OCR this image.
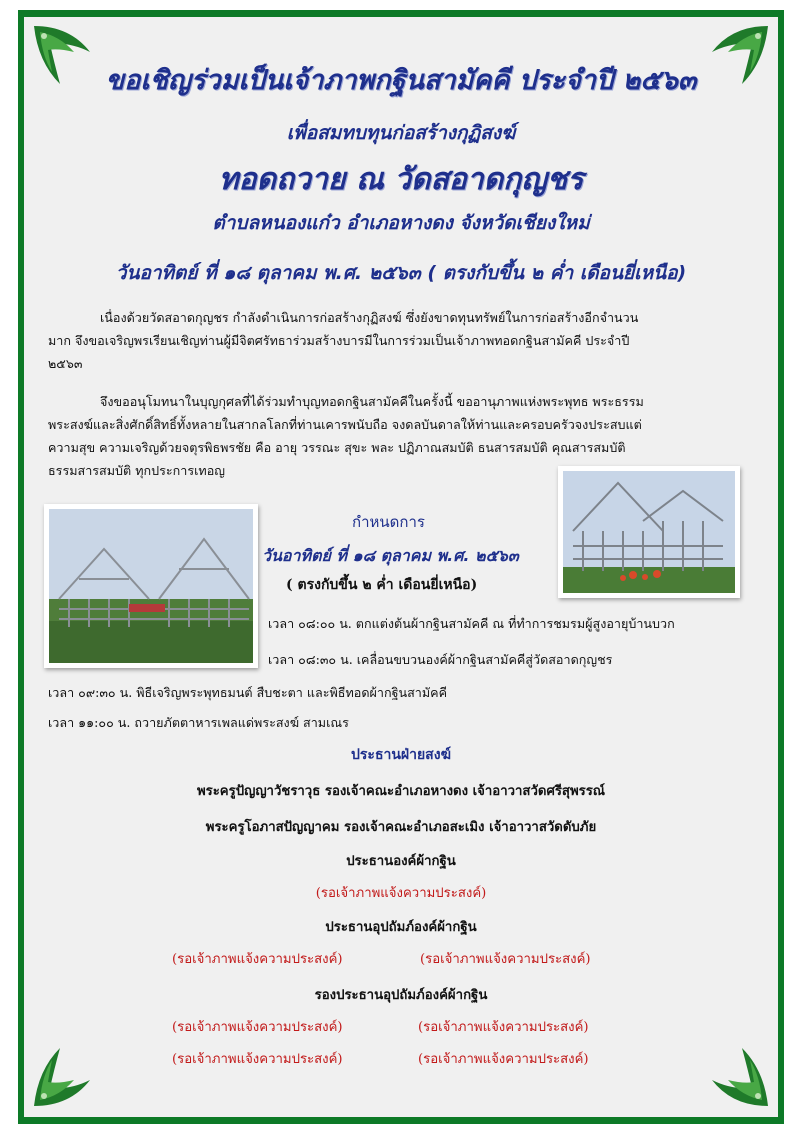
ขอเชิญร่วมเป็นเจ้าภาพกฐินสามัคคี ประจำปี ๒๕๖๓
เพื่อสมทบทุนก่อสร้างกุฏิสงฆ์
ทอดถวาย ณ วัดสอาดกุญชร
ตำบลหนองแก๋ว อำเภอหางดง จังหวัดเชียงใหม่
วันอาทิตย์ ที่ ๑๘ ตุลาคม พ.ศ. ๒๕๖๓ ( ตรงกับขึ้น ๒ ค่ำ เดือนยี่เหนือ)
เนื่องด้วยวัดสอาดกุญชร กำลังดำเนินการก่อสร้างกุฏิสงฆ์ ซึ่งยังขาดทุนทรัพย์ในการก่อสร้างอีกจำนวน
มาก จึงขอเจริญพรเรียนเชิญท่านผู้มีจิตศรัทธาร่วมสร้างบารมีในการร่วมเป็นเจ้าภาพทอดกฐินสามัคคี ประจำปี
๒๕๖๓
จึงขออนุโมทนาในบุญกุศลที่ได้ร่วมทำบุญทอดกฐินสามัคคีในครั้งนี้ ขออานุภาพแห่งพระพุทธ พระธรรม
พระสงฆ์และสิ่งศักดิ์สิทธิ์ทั้งหลายในสากลโลกที่ท่านเคารพนับถือ จงดลบันดาลให้ท่านและครอบครัวจงประสบแต่
ความสุข ความเจริญด้วยจตุรพิธพรชัย คือ อายุ วรรณะ สุขะ พละ ปฏิภาณสมบัติ ธนสารสมบัติ คุณสารสมบัติ
ธรรมสารสมบัติ ทุกประการเทอญ
กำหนดการ
วันอาทิตย์ ที่ ๑๘ ตุลาคม พ.ศ. ๒๕๖๓
( ตรงกับขึ้น ๒ ค่ำ เดือนยี่เหนือ)
เวลา ๐๘:๐๐ น. ตกแต่งต้นผ้ากฐินสามัคคี ณ ที่ทำการชมรมผู้สูงอายุบ้านบวก
เวลา ๐๘:๓๐ น. เคลื่อนขบวนองค์ผ้ากฐินสามัคคีสู่วัดสอาดกุญชร
เวลา ๐๙:๓๐ น. พิธีเจริญพระพุทธมนต์ สืบชะตา และพิธีทอดผ้ากฐินสามัคคี
เวลา ๑๑:๐๐ น. ถวายภัตตาหารเพลแด่พระสงฆ์ สามเณร
ประธานฝ่ายสงฆ์
พระครูปัญญาวัชราวุธ รองเจ้าคณะอำเภอหางดง เจ้าอาวาสวัดศรีสุพรรณ์
พระครูโอภาสปัญญาคม รองเจ้าคณะอำเภอสะเมิง เจ้าอาวาสวัดดับภัย
ประธานองค์ผ้ากฐิน
(รอเจ้าภาพแจ้งความประสงค์)
ประธานอุปถัมภ์องค์ผ้ากฐิน
(รอเจ้าภาพแจ้งความประสงค์)	(รอเจ้าภาพแจ้งความประสงค์)
รองประธานอุปถัมภ์องค์ผ้ากฐิน
(รอเจ้าภาพแจ้งความประสงค์)	(รอเจ้าภาพแจ้งความประสงค์)
(รอเจ้าภาพแจ้งความประสงค์)	(รอเจ้าภาพแจ้งความประสงค์)
